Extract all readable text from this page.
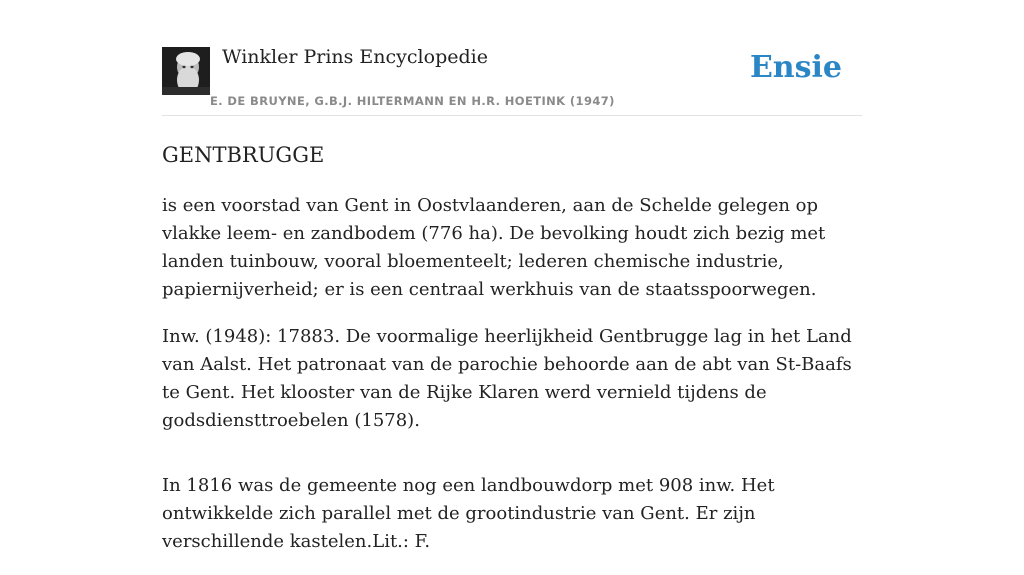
Winkler Prins Encyclopedie
E. DE BRUYNE, G.B.J. HILTERMANN EN H.R. HOETINK (1947)
Ensie
GENTBRUGGE

is een voorstad van Gent in Oostvlaanderen, aan de Schelde gelegen op vlakke leem- en zandbodem (776 ha). De bevolking houdt zich bezig met landen tuinbouw, vooral bloementeelt; lederen chemische industrie, papiernijverheid; er is een centraal werkhuis van de staatsspoorwegen.

Inw. (1948): 17883. De voormalige heerlijkheid Gentbrugge lag in het Land van Aalst. Het patronaat van de parochie behoorde aan de abt van St-Baafs te Gent. Het klooster van de Rijke Klaren werd vernield tijdens de godsdiensttroebelen (1578).

In 1816 was de gemeente nog een landbouwdorp met 908 inw. Het ontwikkelde zich parallel met de grootindustrie van Gent. Er zijn verschillende kastelen.Lit.: F.
